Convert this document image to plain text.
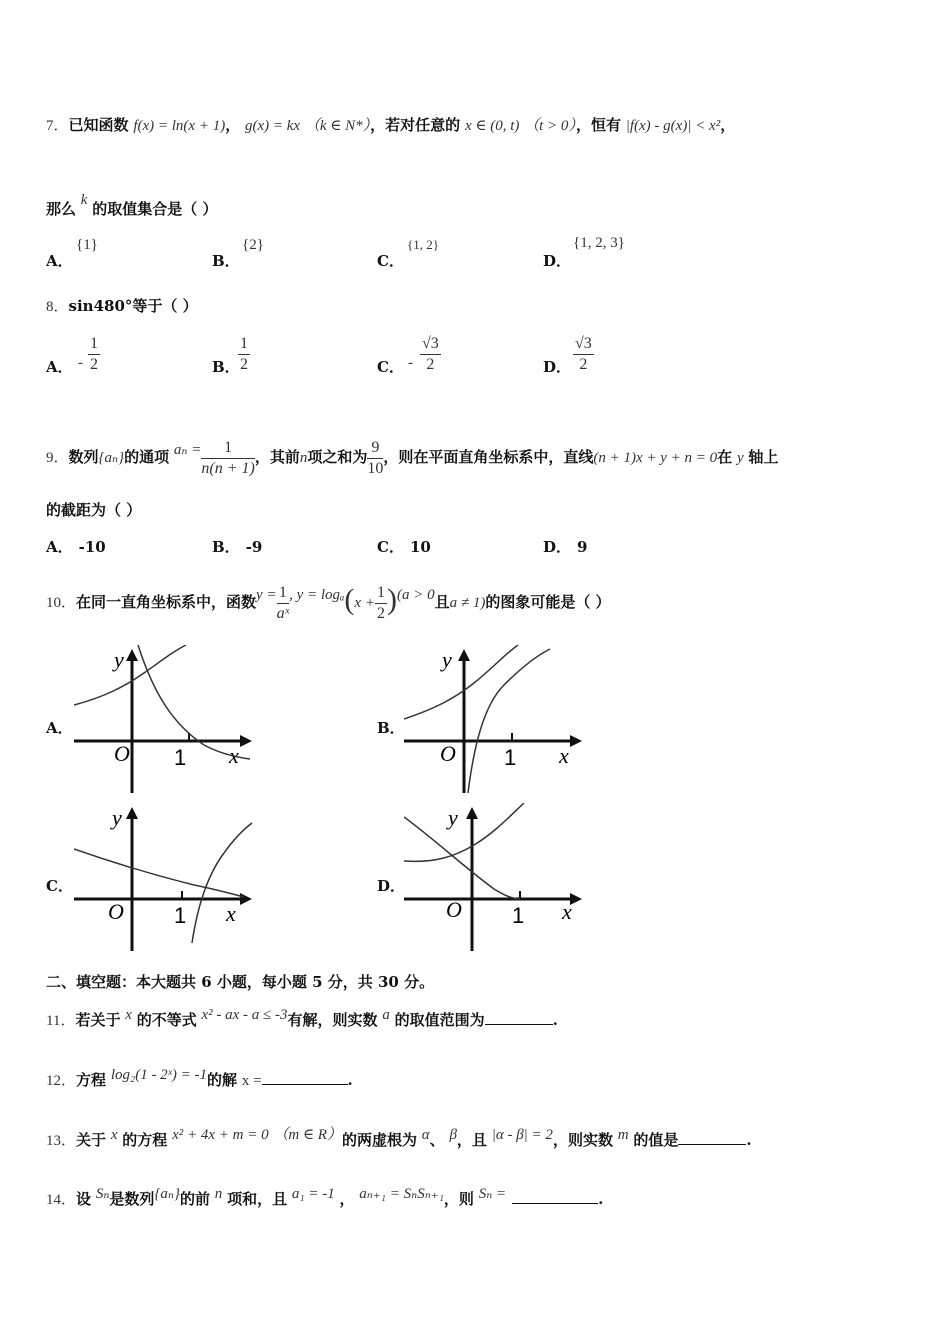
7．已知函数 f(x) = ln(x + 1)， g(x) = kx （k ∈ N*），若对任意的 x ∈ (0, t) （t > 0），恒有 |f(x) - g(x)| < x²，
那么 k 的取值集合是（ ）
A．
{1}
B．
{2}
C．
{1, 2}
D．
{1, 2, 3}
8．sin480°等于（ ）
A． - $\frac{1}{2}$	B．
$\frac{1}{2}$	C． - $\frac{√3}{2}$	D． $\frac{√3}{2}$
9．数列{aₙ}的通项 $a_n = \frac{1}{n(n + 1)}$ ，其前n项之和为 $\frac{9}{10}$ ，则在平面直角坐标系中，直线(n + 1)x + y + n = 0在 y 轴上
的截距为（ ）
A． -10	B． -9	C． 10	D． 9
10．在同一直角坐标系中，函数$y = \frac{1}{\text{aˣ}}$ , $y = \log_a(x + \frac{1}{2} )(a > 0$且a ≠ 1)的图象可能是（ ）
A．	B．
C．	D．
y
O 1 x
y
O 1 x
y
O 1 x
y
O 1 x
二、填空题：本大题共 6 小题，每小题 5 分，共 30 分。
11．若关于 x 的不等式 x² - ax - a ≤ -3有解，则实数 a 的取值范围为	.
12．方程 log₂(1 - 2ˣ) = -1的解 x =	.
13．关于 x 的方程 x² + 4x + m = 0 （m ∈ R）的两虚根为 α、 β，且 |α - β| = 2，则实数 m 的值是	.
14．设 Sₙ是数列{aₙ}的前 n 项和，且 a₁ = -1 ， aₙ₊₁ = SₙSₙ₊₁，则 Sₙ =	.
